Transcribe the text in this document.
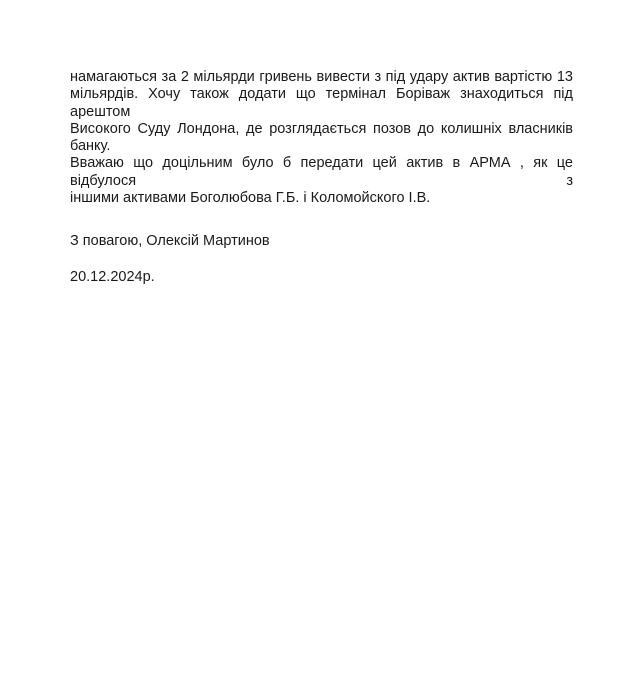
намагаються за 2 мільярди гривень вивести з під удару актив вартістю 13
мільярдів. Хочу також додати що термінал Боріваж знаходиться під арештом
Високого Суду Лондона, де розглядається позов до колишніх власників банку.
Вважаю що доцільним було б передати цей актив в АРМА , як це відбулося з
іншими активами Боголюбова Г.Б. і Коломойского І.В.

З повагою, Олексій Мартинов

20.12.2024р.
